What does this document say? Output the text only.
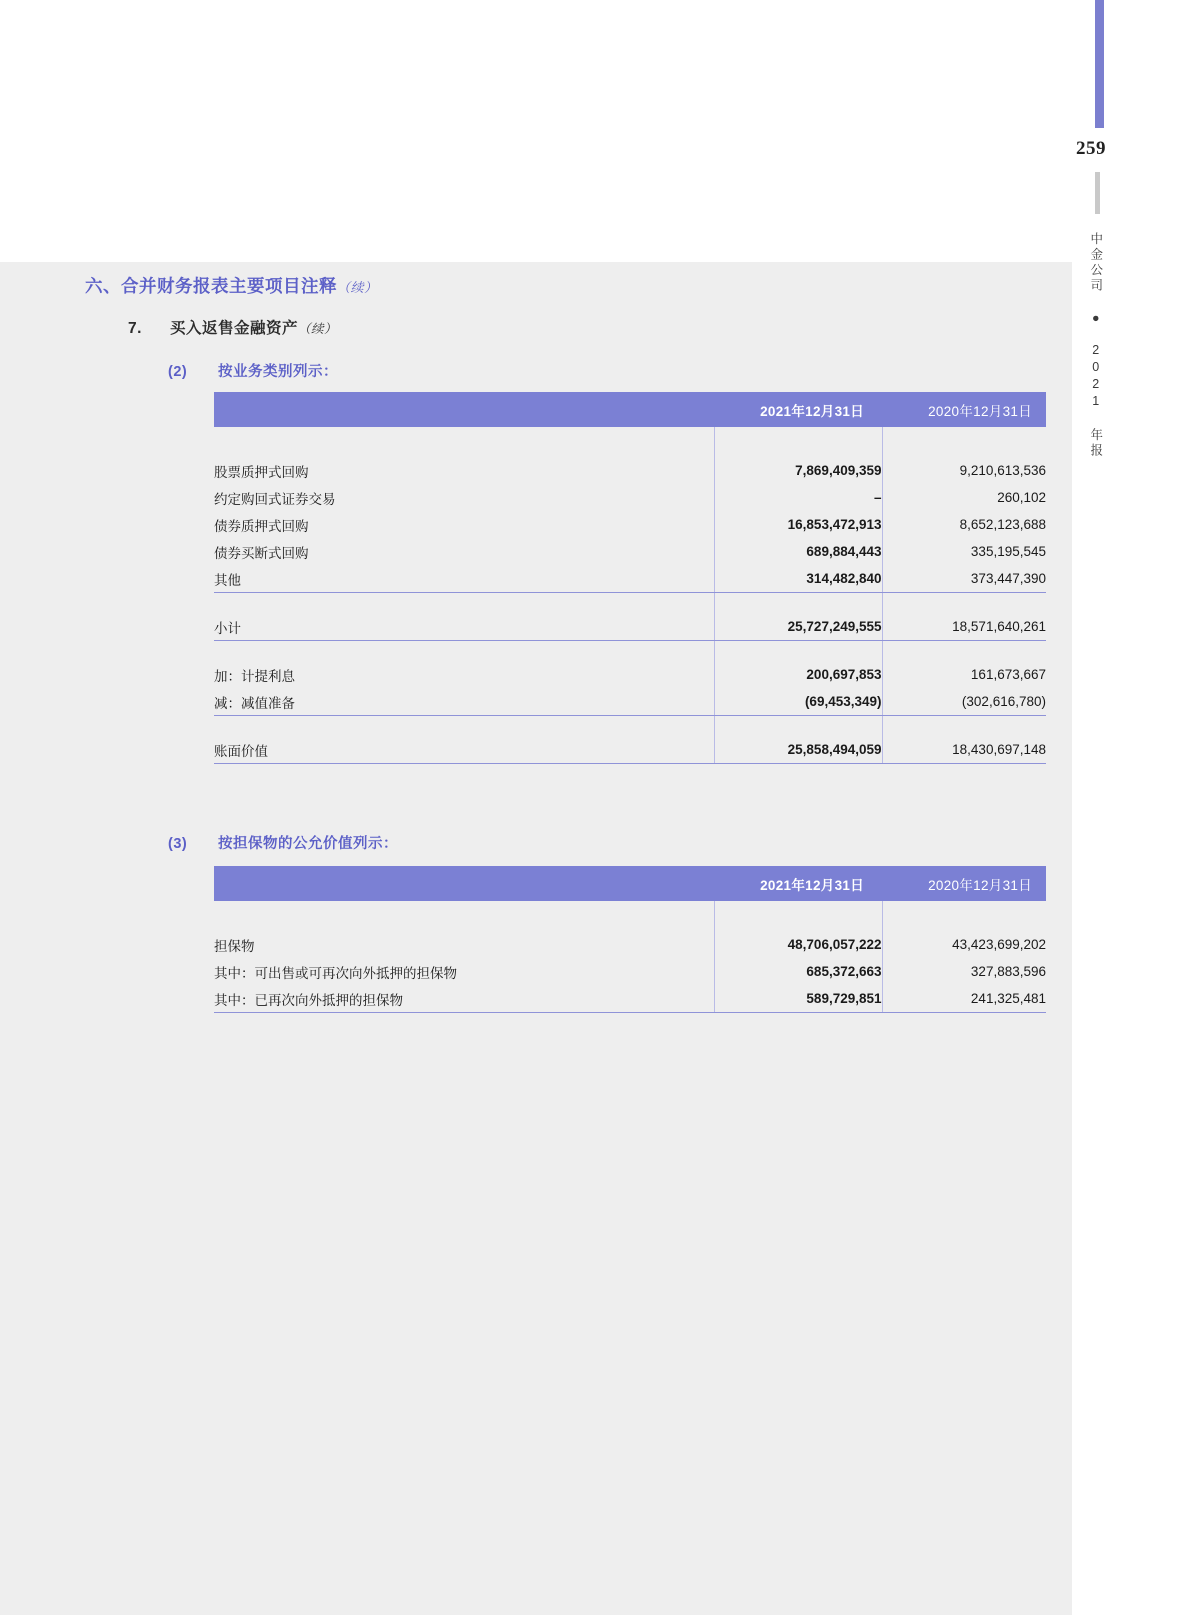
259
中金公司 ● 2021 年报
六、合并财务报表主要项目注释（续）
7. 买入返售金融资产（续）
(2) 按业务类别列示：
	2021年12月31日	2020年12月31日

股票质押式回购	7,869,409,359	9,210,613,536
约定购回式证券交易	–	260,102
债券质押式回购	16,853,472,913	8,652,123,688
债券买断式回购	689,884,443	335,195,545
其他	314,482,840	373,447,390

小计	25,727,249,555	18,571,640,261

加：计提利息	200,697,853	161,673,667
减：减值准备	(69,453,349)	(302,616,780)

账面价值	25,858,494,059	18,430,697,148
(3) 按担保物的公允价值列示：
	2021年12月31日	2020年12月31日

担保物	48,706,057,222	43,423,699,202
其中：可出售或可再次向外抵押的担保物	685,372,663	327,883,596
其中：已再次向外抵押的担保物	589,729,851	241,325,481
